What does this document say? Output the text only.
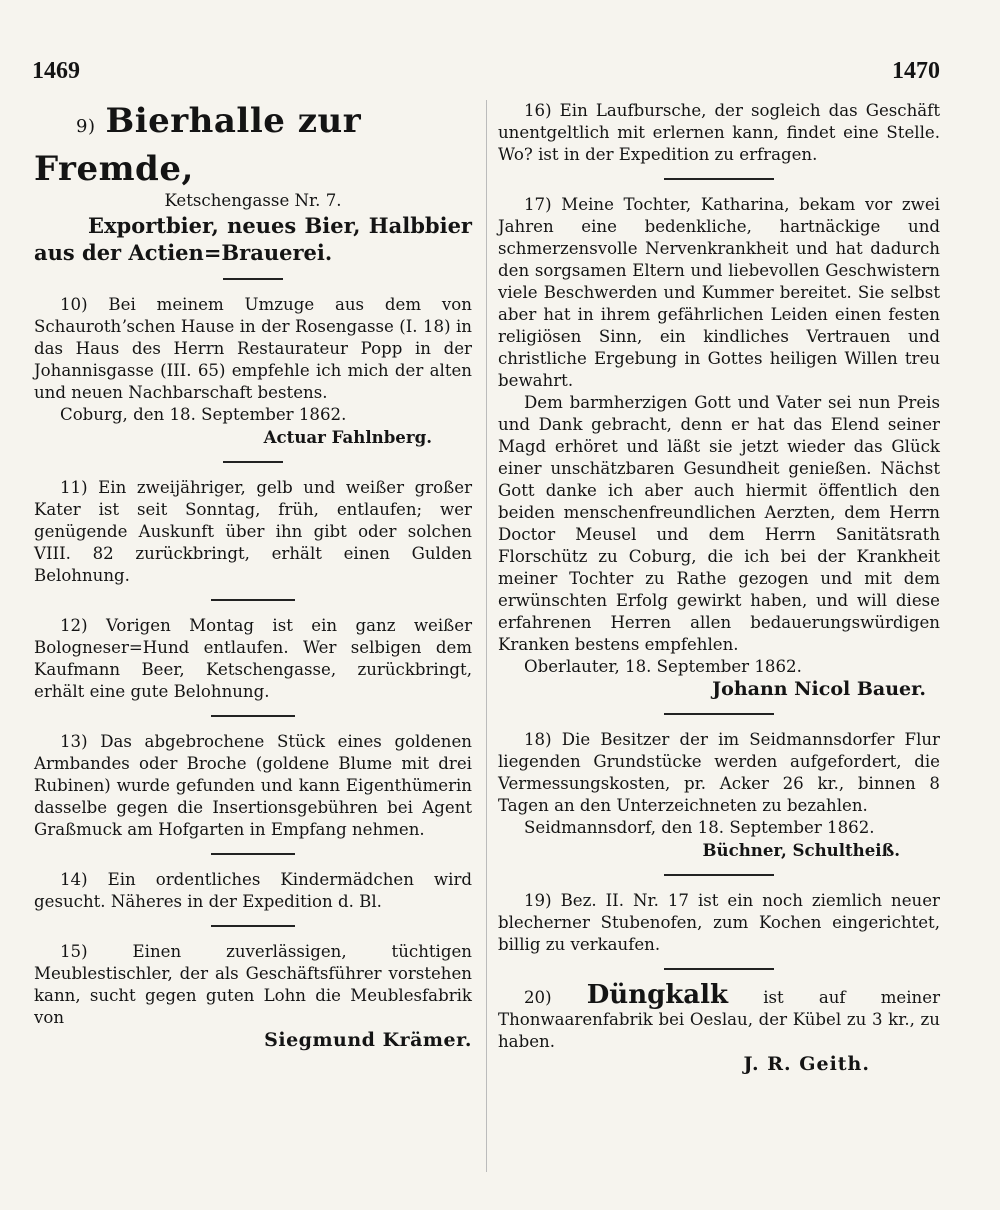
1469	1470
9) Bierhalle zur Fremde,

Ketschengasse Nr. 7.

Exportbier, neues Bier, Halbbier aus der Actien=Brauerei.

10) Bei meinem Umzuge aus dem von Schaurothʼschen Hause in der Rosengasse (I. 18) in das Haus des Herrn Restaurateur Popp in der Johannisgasse (III. 65) empfehle ich mich der alten und neuen Nachbarschaft bestens.

Coburg, den 18. September 1862.

Actuar Fahlnberg.

11) Ein zweijähriger, gelb und weißer großer Kater ist seit Sonntag, früh, entlaufen; wer genügende Auskunft über ihn gibt oder solchen VIII. 82 zurückbringt, erhält einen Gulden Belohnung.

12) Vorigen Montag ist ein ganz weißer Bologneser=Hund entlaufen. Wer selbigen dem Kaufmann Beer, Ketschengasse, zurückbringt, erhält eine gute Belohnung.

13) Das abgebrochene Stück eines goldenen Armbandes oder Broche (goldene Blume mit drei Rubinen) wurde gefunden und kann Eigenthümerin dasselbe gegen die Insertionsgebühren bei Agent Graßmuck am Hofgarten in Empfang nehmen.

14) Ein ordentliches Kindermädchen wird gesucht. Näheres in der Expedition d. Bl.

15) Einen zuverlässigen, tüchtigen Meublestischler, der als Geschäftsführer vorstehen kann, sucht gegen guten Lohn die Meublesfabrik von

Siegmund Krämer.

16) Ein Laufbursche, der sogleich das Geschäft unentgeltlich mit erlernen kann, findet eine Stelle. Wo? ist in der Expedition zu erfragen.

17) Meine Tochter, Katharina, bekam vor zwei Jahren eine bedenkliche, hartnäckige und schmerzensvolle Nervenkrankheit und hat dadurch den sorgsamen Eltern und liebevollen Geschwistern viele Beschwerden und Kummer bereitet. Sie selbst aber hat in ihrem gefährlichen Leiden einen festen religiösen Sinn, ein kindliches Vertrauen und christliche Ergebung in Gottes heiligen Willen treu bewahrt.

Dem barmherzigen Gott und Vater sei nun Preis und Dank gebracht, denn er hat das Elend seiner Magd erhöret und läßt sie jetzt wieder das Glück einer unschätzbaren Gesundheit genießen. Nächst Gott danke ich aber auch hiermit öffentlich den beiden menschenfreundlichen Aerzten, dem Herrn Doctor Meusel und dem Herrn Sanitätsrath Florschütz zu Coburg, die ich bei der Krankheit meiner Tochter zu Rathe gezogen und mit dem erwünschten Erfolg gewirkt haben, und will diese erfahrenen Herren allen bedauerungswürdigen Kranken bestens empfehlen.

Oberlauter, 18. September 1862.

Johann Nicol Bauer.

18) Die Besitzer der im Seidmannsdorfer Flur liegenden Grundstücke werden aufgefordert, die Vermessungskosten, pr. Acker 26 kr., binnen 8 Tagen an den Unterzeichneten zu bezahlen.

Seidmannsdorf, den 18. September 1862.

Büchner, Schultheiß.

19) Bez. II. Nr. 17 ist ein noch ziemlich neuer blecherner Stubenofen, zum Kochen eingerichtet, billig zu verkaufen.

20) Düngkalk ist auf meiner Thonwaarenfabrik bei Oeslau, der Kübel zu 3 kr., zu haben.

J. R. Geith.
